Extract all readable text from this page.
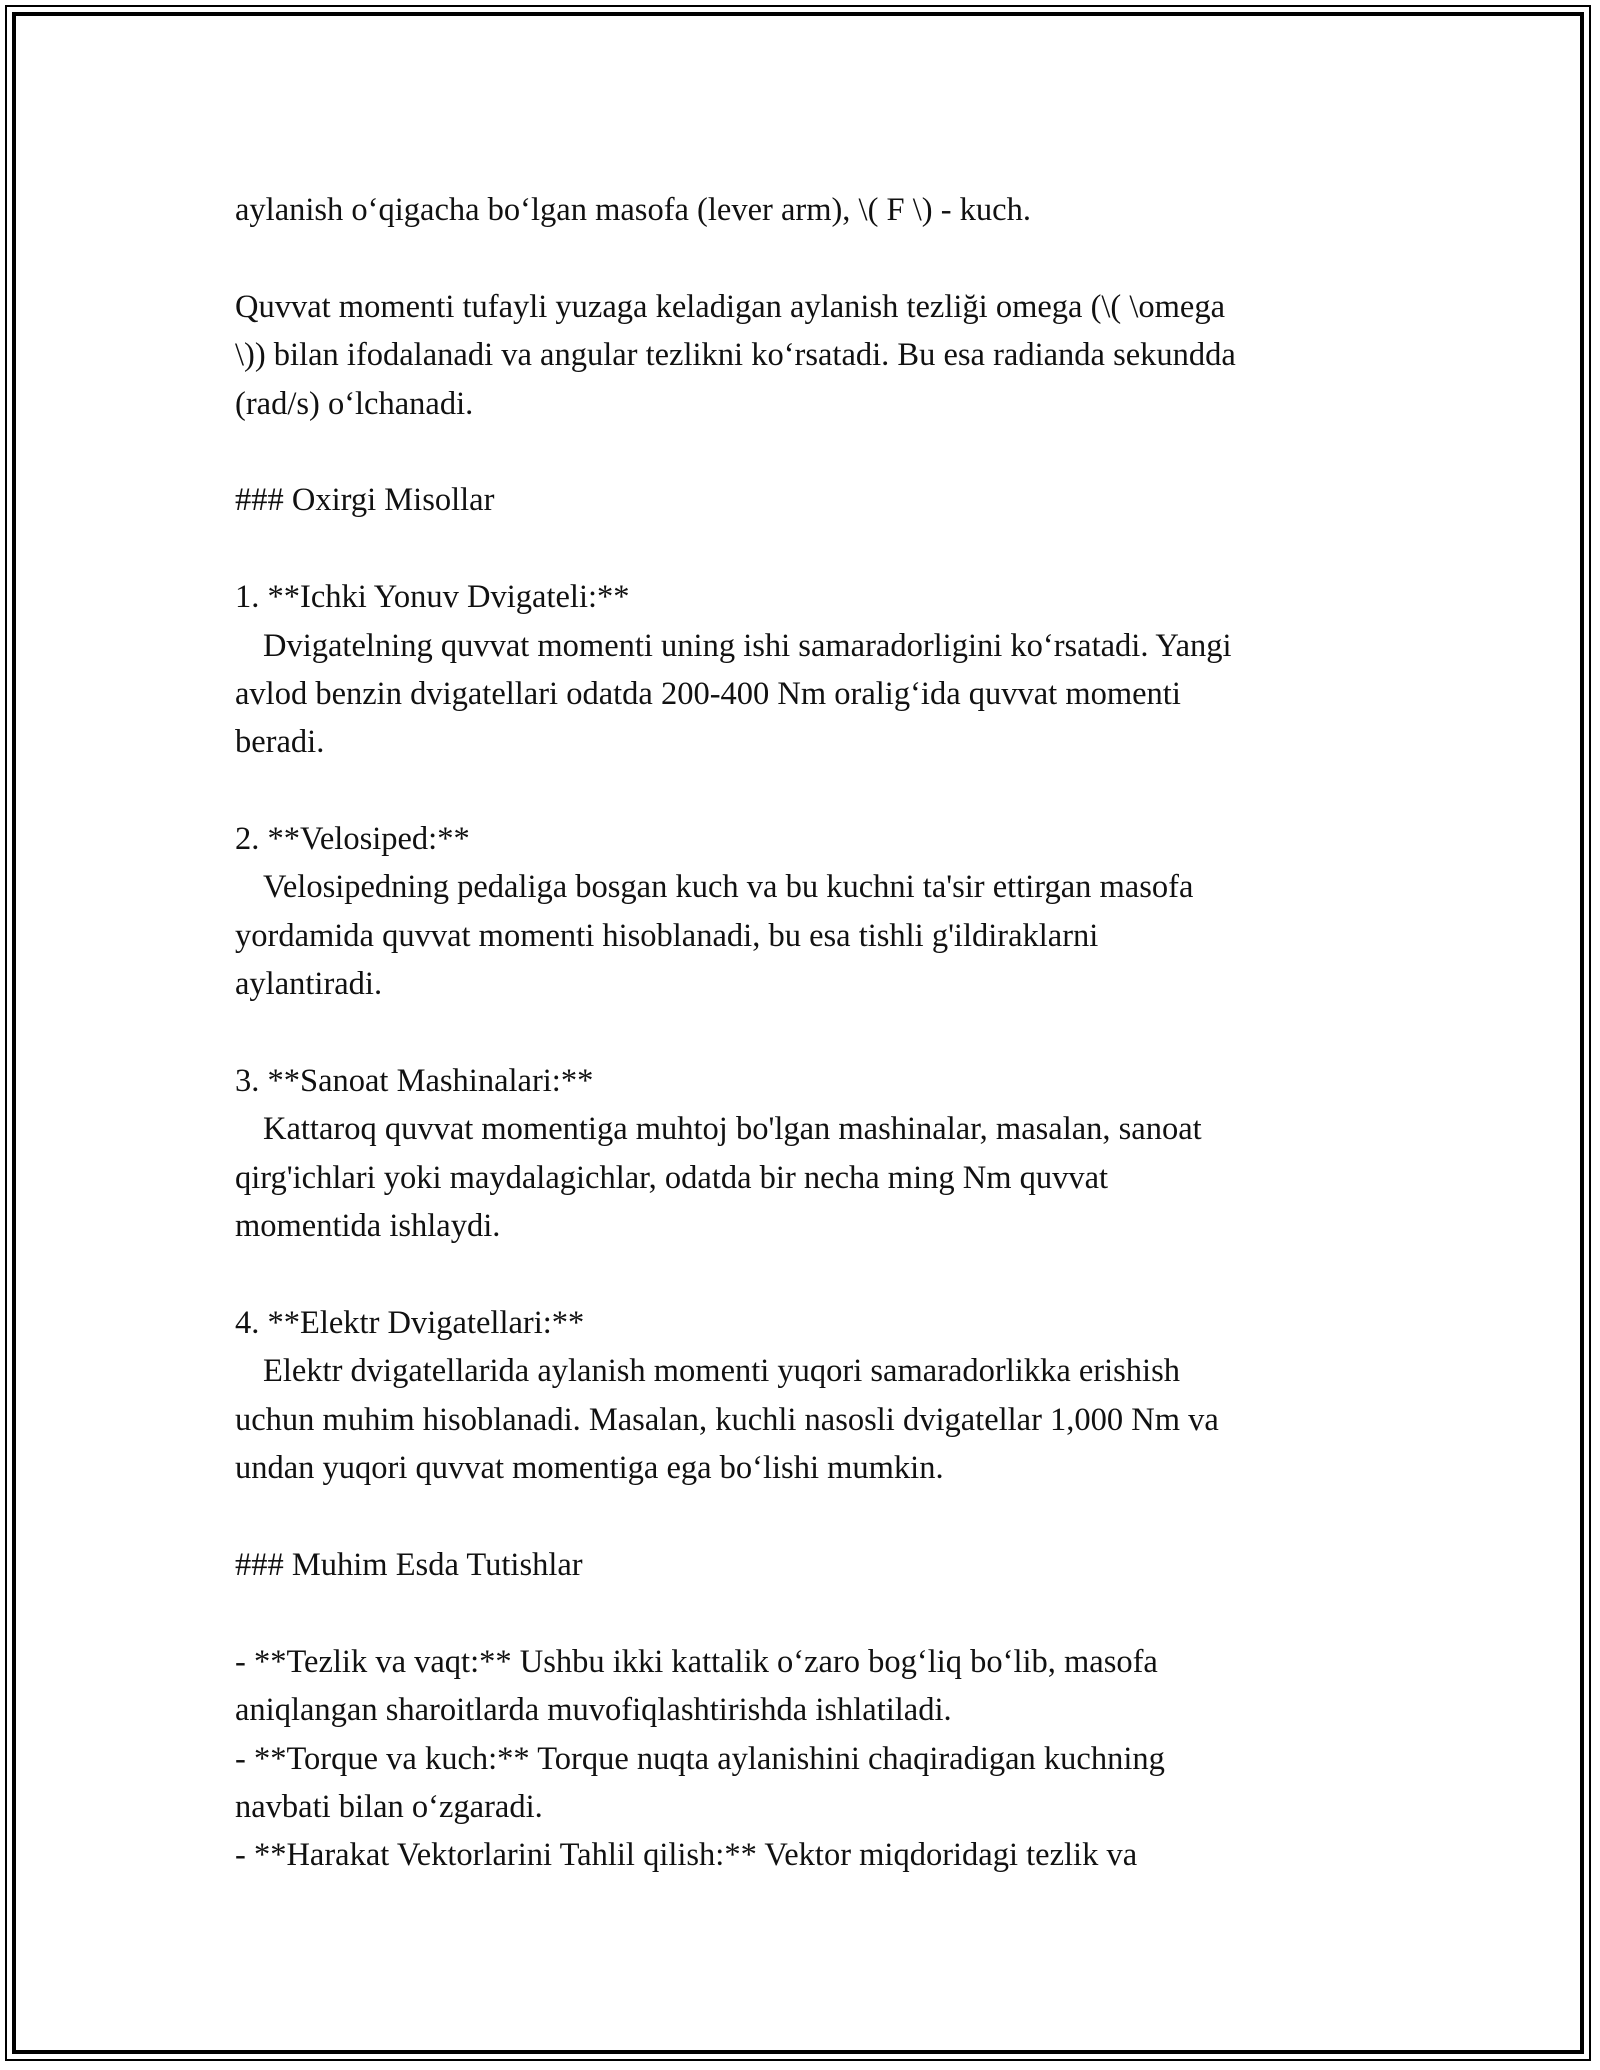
aylanish o‘qigacha bo‘lgan masofa (lever arm), \( F \) - kuch.
Quvvat momenti tufayli yuzaga keladigan aylanish tezliği omega (\( \omega
\)) bilan ifodalanadi va angular tezlikni ko‘rsatadi. Bu esa radianda sekundda
(rad/s) o‘lchanadi.
### Oxirgi Misollar
1. **Ichki Yonuv Dvigateli:**
Dvigatelning quvvat momenti uning ishi samaradorligini ko‘rsatadi. Yangi
avlod benzin dvigatellari odatda 200-400 Nm oralig‘ida quvvat momenti
beradi.
2. **Velosiped:**
Velosipedning pedaliga bosgan kuch va bu kuchni ta'sir ettirgan masofa
yordamida quvvat momenti hisoblanadi, bu esa tishli g'ildiraklarni
aylantiradi.
3. **Sanoat Mashinalari:**
Kattaroq quvvat momentiga muhtoj bo'lgan mashinalar, masalan, sanoat
qirg'ichlari yoki maydalagichlar, odatda bir necha ming Nm quvvat
momentida ishlaydi.
4. **Elektr Dvigatellari:**
Elektr dvigatellarida aylanish momenti yuqori samaradorlikka erishish
uchun muhim hisoblanadi. Masalan, kuchli nasosli dvigatellar 1,000 Nm va
undan yuqori quvvat momentiga ega bo‘lishi mumkin.
### Muhim Esda Tutishlar
- **Tezlik va vaqt:** Ushbu ikki kattalik o‘zaro bog‘liq bo‘lib, masofa
aniqlangan sharoitlarda muvofiqlashtirishda ishlatiladi.
- **Torque va kuch:** Torque nuqta aylanishini chaqiradigan kuchning
navbati bilan o‘zgaradi.
- **Harakat Vektorlarini Tahlil qilish:** Vektor miqdoridagi tezlik va
